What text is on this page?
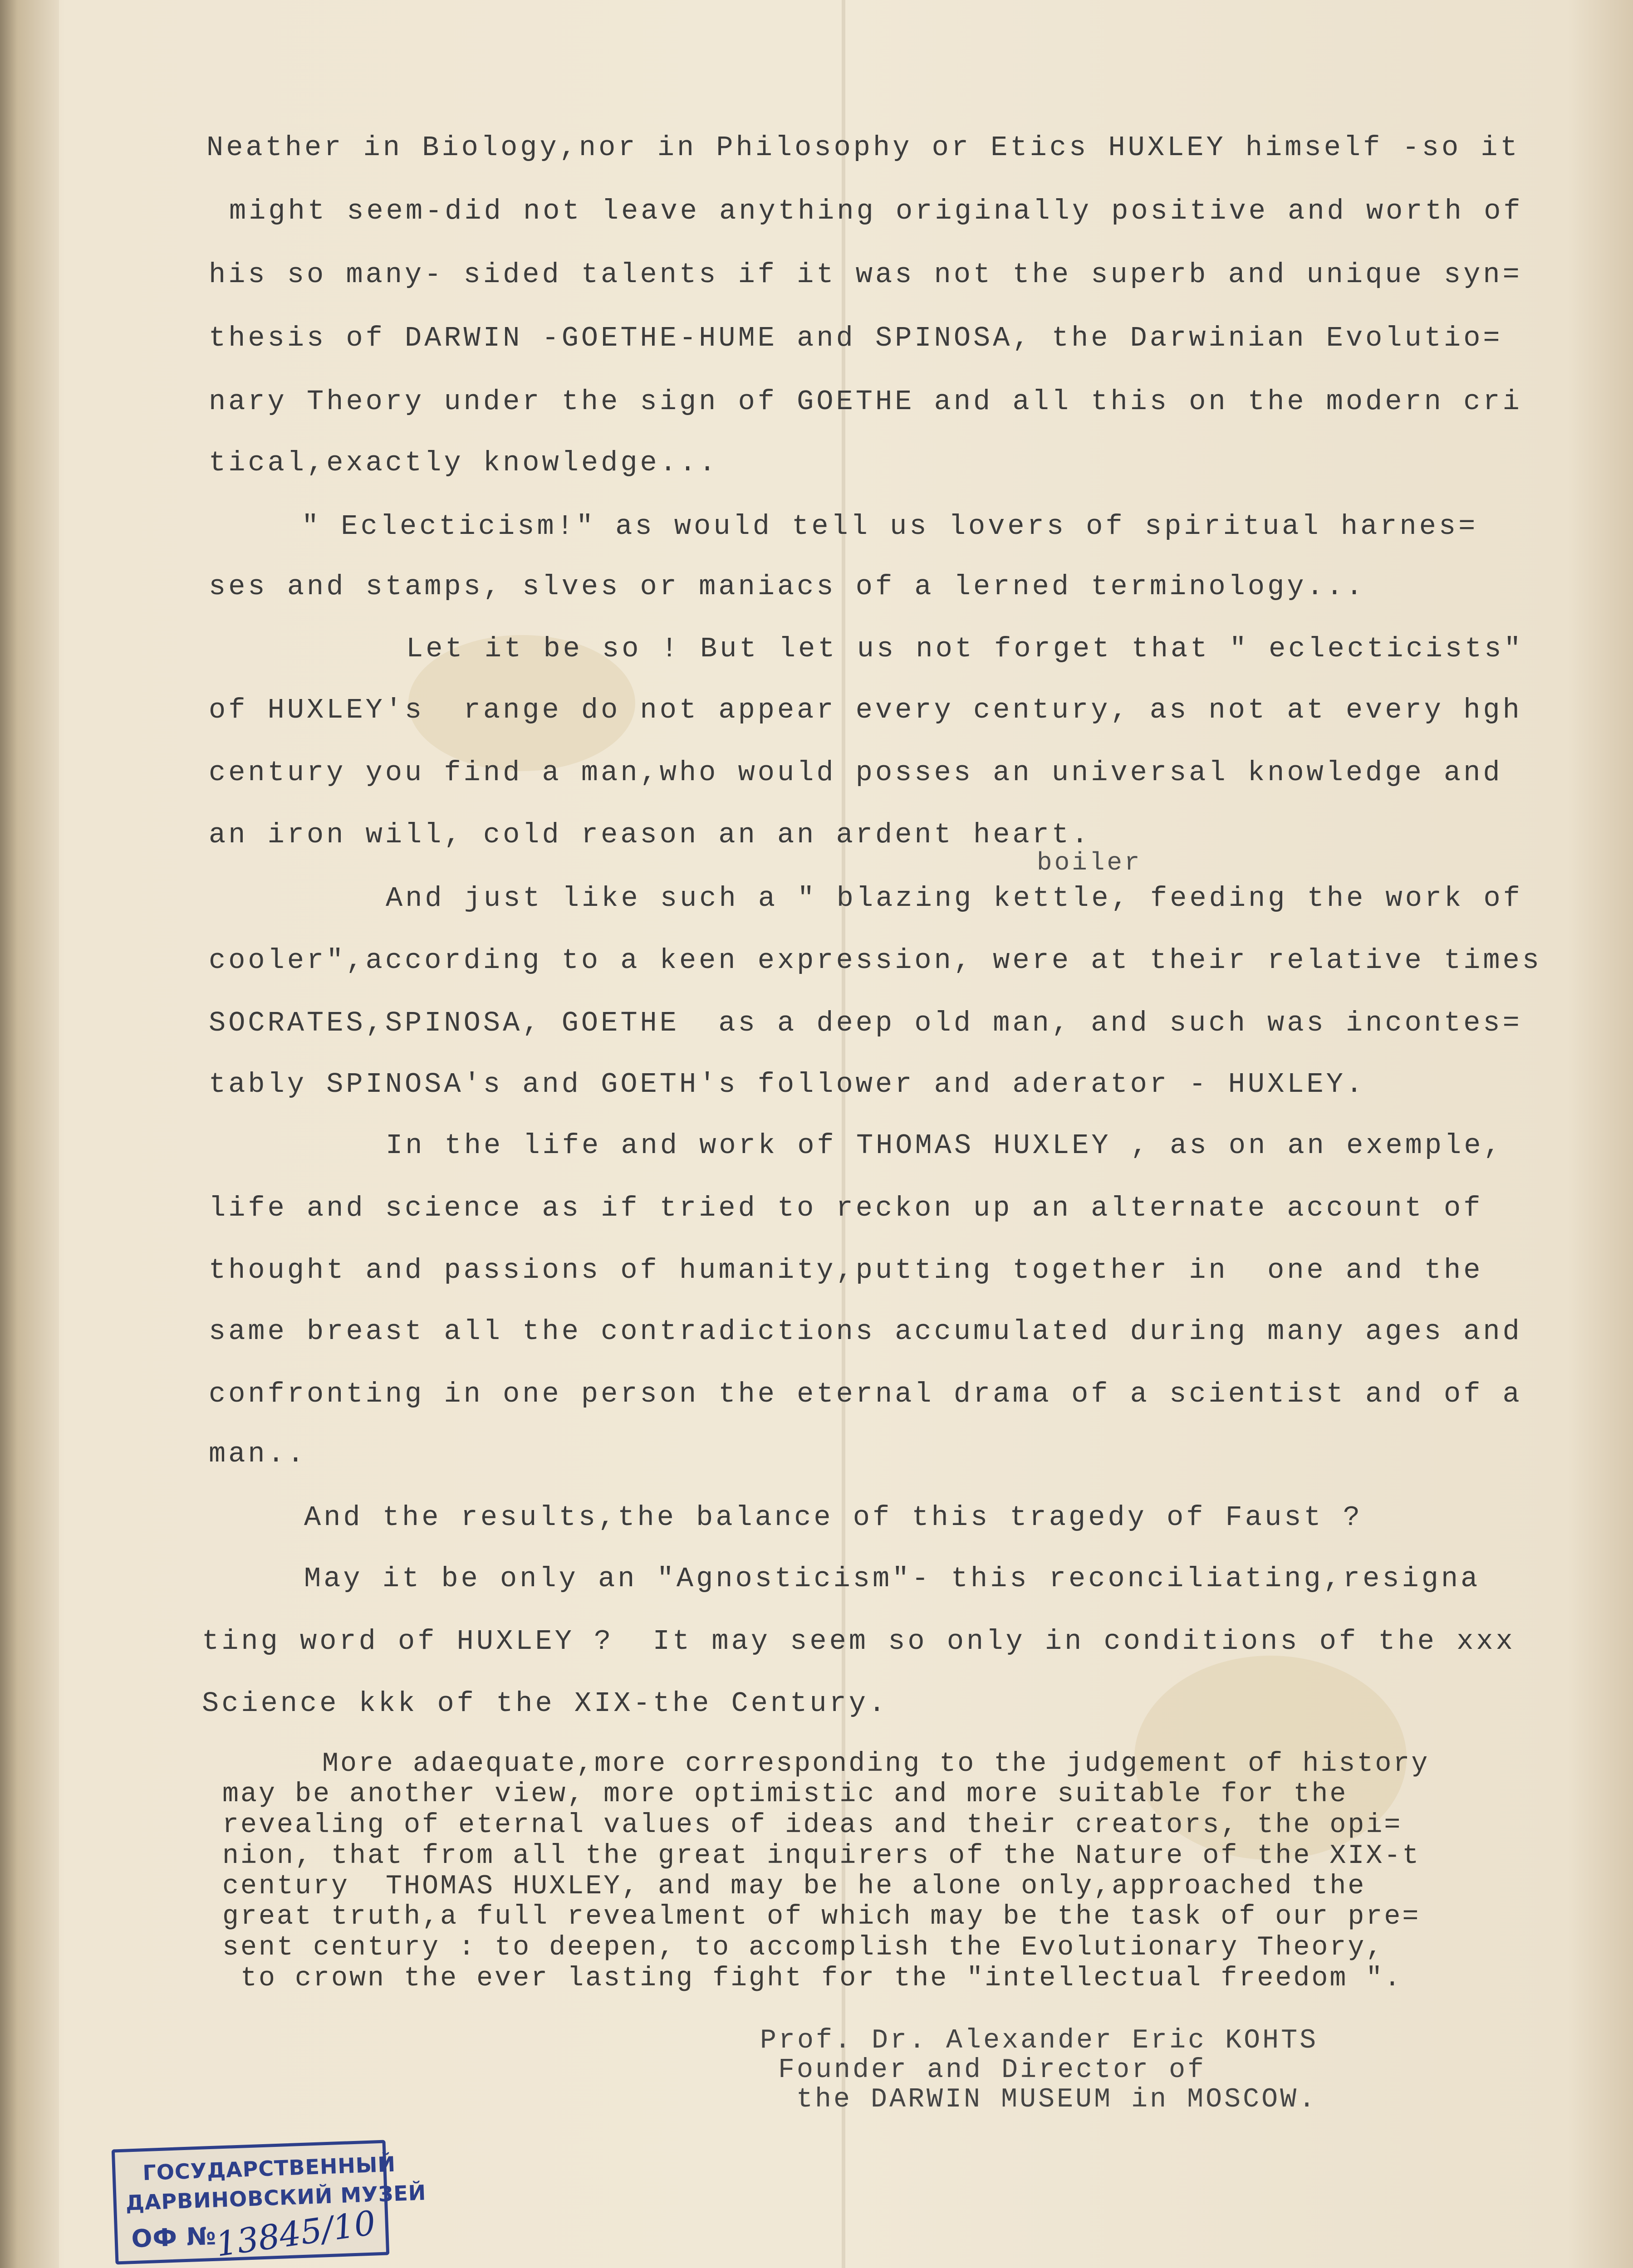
Neather in Biology,nor in Philosophy or Etics HUXLEY himself -so it
might seem-did not leave anything originally positive and worth of
his so many- sided talents if it was not the superb and unique syn=
thesis of DARWIN -GOETHE-HUME and SPINOSA, the Darwinian Evolutio=
nary Theory under the sign of GOETHE and all this on the modern cri
tical,exactly knowledge...
" Eclecticism!" as would tell us lovers of spiritual harnes=
ses and stamps, slves or maniacs of a lerned terminology...
Let it be so ! But let us not forget that " eclecticists"
of HUXLEY's  range do not appear every century, as not at every hgh
century you find a man,who would posses an universal knowledge and
an iron will, cold reason an an ardent heart.
boiler
And just like such a " blazing kettle, feeding the work of
cooler",according to a keen expression, were at their relative times
SOCRATES,SPINOSA, GOETHE  as a deep old man, and such was incontes=
tably SPINOSA's and GOETH's follower and aderator - HUXLEY.
In the life and work of THOMAS HUXLEY , as on an exemple,
life and science as if tried to reckon up an alternate account of
thought and passions of humanity,putting together in  one and the
same breast all the contradictions accumulated during many ages and
confronting in one person the eternal drama of a scientist and of a
man..
And the results,the balance of this tragedy of Faust ?
May it be only an "Agnosticism"- this reconciliating,resigna
ting word of HUXLEY ?  It may seem so only in conditions of the xxx
Science kkk of the XIX-the Century.
More adaequate,more corresponding to the judgement of history
may be another view, more optimistic and more suitable for the
revealing of eternal values of ideas and their creators, the opi=
nion, that from all the great inquirers of the Nature of the XIX-t
century  THOMAS HUXLEY, and may be he alone only,approached the
great truth,a full revealment of which may be the task of our pre=
sent century : to deepen, to accomplish the Evolutionary Theory,
to crown the ever lasting fight for the "intellectual freedom ".
Prof. Dr. Alexander Eric KOHTS
Founder and Director of
the DARWIN MUSEUM in MOSCOW.
ГОСУДАРСТВЕННЫЙ
ДАРВИНОВСКИЙ МУЗЕЙ
ОФ №
13845/10
